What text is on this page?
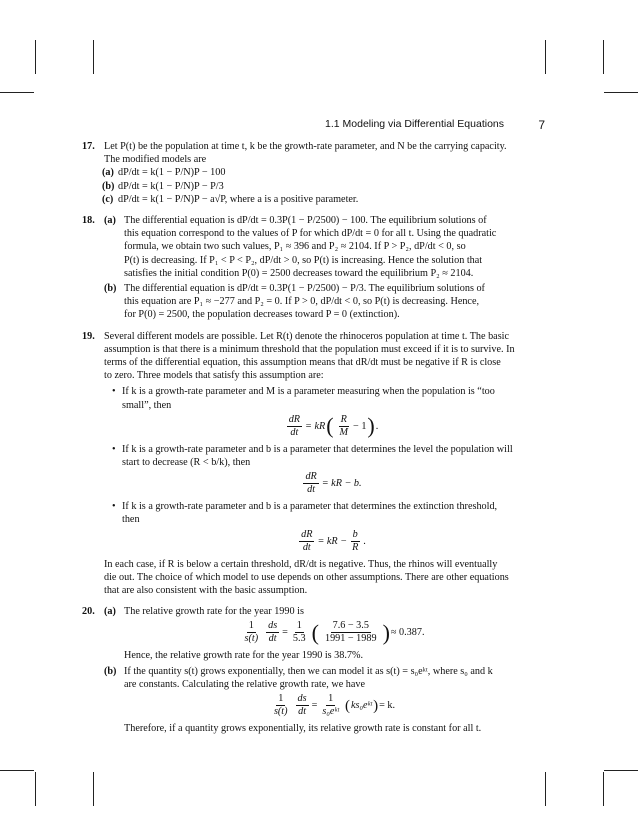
1.1 Modeling via Differential Equations	7
17. Let P(t) be the population at time t, k be the growth-rate parameter, and N be the carrying capacity.
The modified models are
(a) dP/dt = k(1 − P/N)P − 100
(b) dP/dt = k(1 − P/N)P − P/3
(c) dP/dt = k(1 − P/N)P − a√P, where a is a positive parameter.
18. (a) The differential equation is dP/dt = 0.3P(1 − P/2500) − 100. The equilibrium solutions of
this equation correspond to the values of P for which dP/dt = 0 for all t. Using the quadratic
formula, we obtain two such values, P₁ ≈ 396 and P₂ ≈ 2104. If P > P₂, dP/dt < 0, so
P(t) is decreasing. If P₁ < P < P₂, dP/dt > 0, so P(t) is increasing. Hence the solution that
satisfies the initial condition P(0) = 2500 decreases toward the equilibrium P₂ ≈ 2104.
(b) The differential equation is dP/dt = 0.3P(1 − P/2500) − P/3. The equilibrium solutions of
this equation are P₁ ≈ −277 and P₂ = 0. If P > 0, dP/dt < 0, so P(t) is decreasing. Hence,
for P(0) = 2500, the population decreases toward P = 0 (extinction).
19. Several different models are possible. Let R(t) denote the rhinoceros population at time t. The basic
assumption is that there is a minimum threshold that the population must exceed if it is to survive. In
terms of the differential equation, this assumption means that dR/dt must be negative if R is close
to zero. Three models that satisfy this assumption are:
• If k is a growth-rate parameter and M is a parameter measuring when the population is “too
small”, then
$\frac{dR}{dt}$ = kR ( $\frac{R}{M} - 1$ ) .
• If k is a growth-rate parameter and b is a parameter that determines the level the population will
start to decrease (R < b/k), then
$\frac{dR}{dt}$ = kR − b.
• If k is a growth-rate parameter and b is a parameter that determines the extinction threshold,
then
$\frac{dR}{dt}$ = kR − $\frac{b}{R}$ .
In each case, if R is below a certain threshold, dR/dt is negative. Thus, the rhinos will eventually
die out. The choice of which model to use depends on other assumptions. There are other equations
that are also consistent with the basic assumption.
20. (a) The relative growth rate for the year 1990 is
$\frac{1}{s(t)} \frac{ds}{dt} = \frac{1}{5.3}$ ( $\frac{7.6 - 3.5}{1991 - 1989}$ ) ≈ 0.387.
Hence, the relative growth rate for the year 1990 is 38.7%.
(b) If the quantity s(t) grows exponentially, then we can model it as s(t) = s₀eᵏᵗ, where s₀ and k
are constants. Calculating the relative growth rate, we have
$\frac{1}{s(t)} \frac{ds}{dt} = \frac{1}{\text{s₀eᵏᵗ}}$ ( ks₀eᵏᵗ ) = k.
Therefore, if a quantity grows exponentially, its relative growth rate is constant for all t.
